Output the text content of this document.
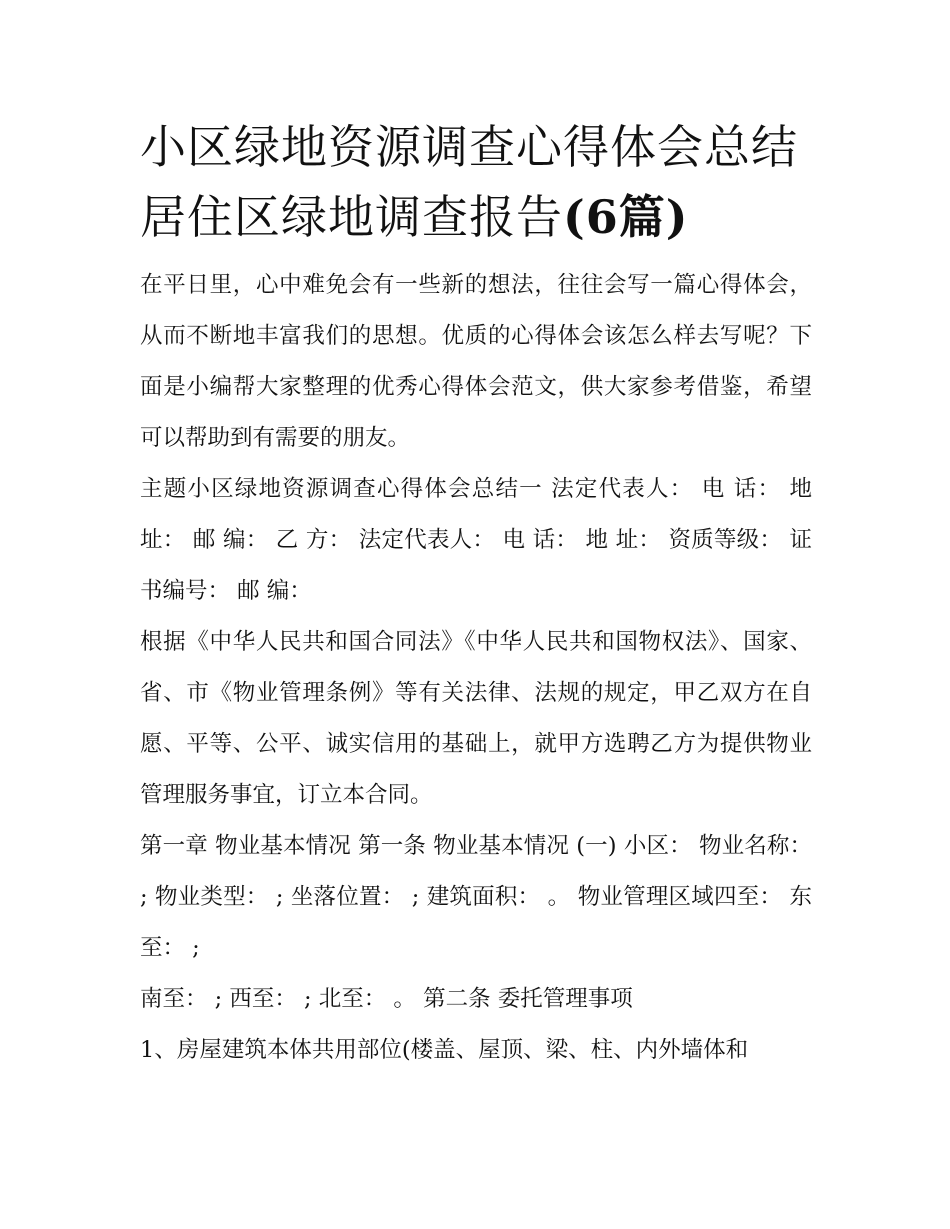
小区绿地资源调查心得体会总结 居住区绿地调查报告(6篇)

在平日里，心中难免会有一些新的想法，往往会写一篇心得体会，从而不断地丰富我们的思想。优质的心得体会该怎么样去写呢？下面是小编帮大家整理的优秀心得体会范文，供大家参考借鉴，希望可以帮助到有需要的朋友。

主题小区绿地资源调查心得体会总结一 法定代表人： 电 话： 地 址： 邮 编： 乙 方： 法定代表人： 电 话： 地 址： 资质等级： 证书编号： 邮 编：

根据《中华人民共和国合同法》《中华人民共和国物权法》、国家、省、市《物业管理条例》等有关法律、法规的规定，甲乙双方在自愿、平等、公平、诚实信用的基础上，就甲方选聘乙方为提供物业管理服务事宜，订立本合同。

第一章 物业基本情况 第一条 物业基本情况 (一) 小区： 物业名称： ; 物业类型： ; 坐落位置： ; 建筑面积： 。 物业管理区域四至： 东至： ;

南至： ; 西至： ; 北至： 。 第二条 委托管理事项

1、房屋建筑本体共用部位(楼盖、屋顶、梁、柱、内外墙体和
